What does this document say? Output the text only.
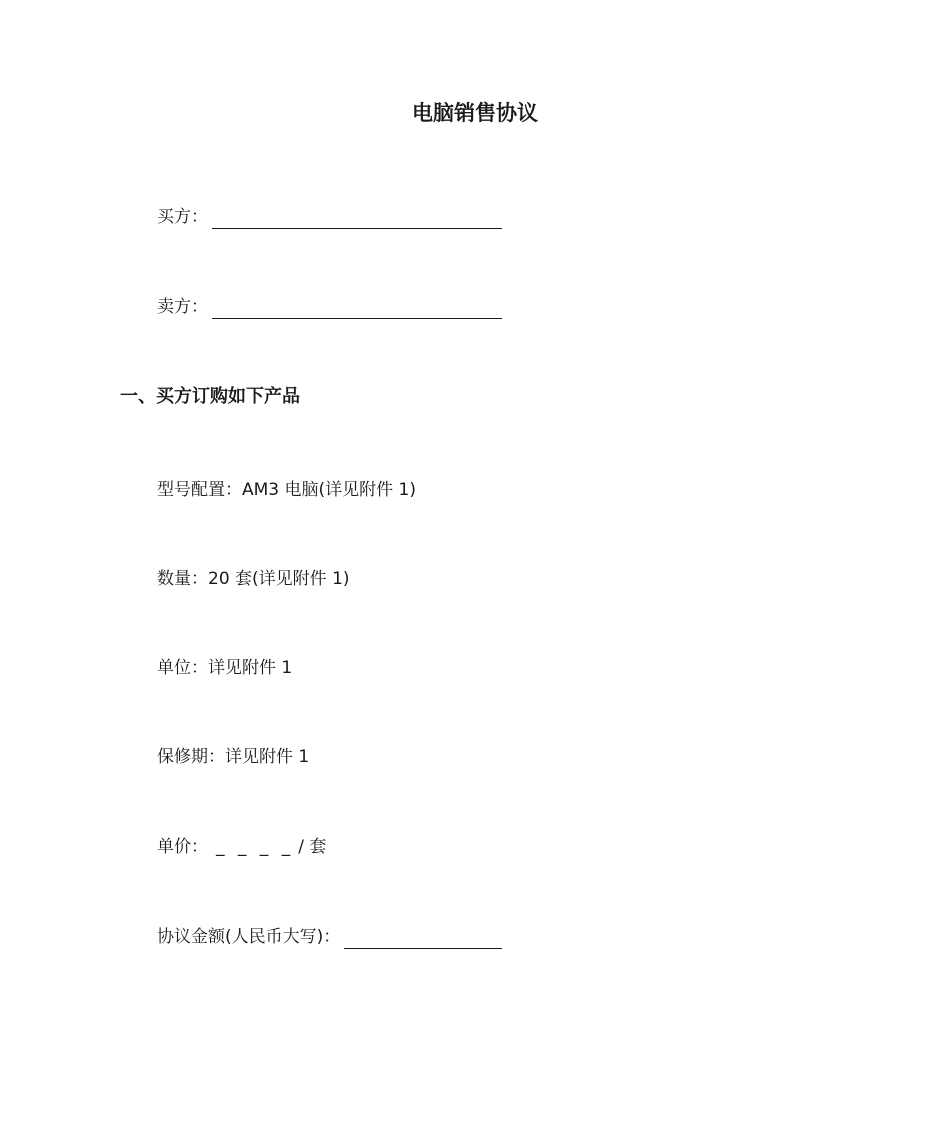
电脑销售协议
买方：
卖方：
一、买方订购如下产品
型号配置：AM3 电脑(详见附件 1)
数量：20 套(详见附件 1)
单位：详见附件 1
保修期：详见附件 1
单价： _ _ _ _ / 套
协议金额(人民币大写)：
